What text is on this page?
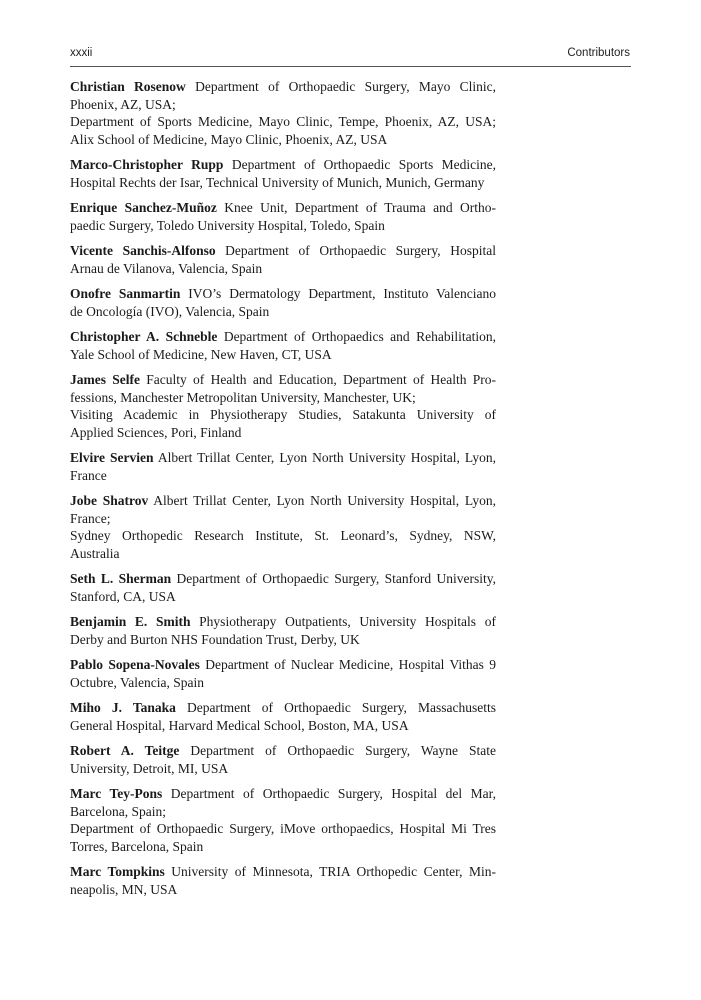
xxxii	Contributors
Christian Rosenow Department of Orthopaedic Surgery, Mayo Clinic,
Phoenix, AZ, USA;
Department of Sports Medicine, Mayo Clinic, Tempe, Phoenix, AZ, USA;
Alix School of Medicine, Mayo Clinic, Phoenix, AZ, USA
Marco-Christopher Rupp Department of Orthopaedic Sports Medicine,
Hospital Rechts der Isar, Technical University of Munich, Munich, Germany
Enrique Sanchez-Muñoz Knee Unit, Department of Trauma and Ortho-
paedic Surgery, Toledo University Hospital, Toledo, Spain
Vicente Sanchis-Alfonso Department of Orthopaedic Surgery, Hospital
Arnau de Vilanova, Valencia, Spain
Onofre Sanmartin IVO’s Dermatology Department, Instituto Valenciano
de Oncología (IVO), Valencia, Spain
Christopher A. Schneble Department of Orthopaedics and Rehabilitation,
Yale School of Medicine, New Haven, CT, USA
James Selfe Faculty of Health and Education, Department of Health Pro-
fessions, Manchester Metropolitan University, Manchester, UK;
Visiting Academic in Physiotherapy Studies, Satakunta University of
Applied Sciences, Pori, Finland
Elvire Servien Albert Trillat Center, Lyon North University Hospital, Lyon,
France
Jobe Shatrov Albert Trillat Center, Lyon North University Hospital, Lyon,
France;
Sydney Orthopedic Research Institute, St. Leonard’s, Sydney, NSW,
Australia
Seth L. Sherman Department of Orthopaedic Surgery, Stanford University,
Stanford, CA, USA
Benjamin E. Smith Physiotherapy Outpatients, University Hospitals of
Derby and Burton NHS Foundation Trust, Derby, UK
Pablo Sopena-Novales Department of Nuclear Medicine, Hospital Vithas 9
Octubre, Valencia, Spain
Miho J. Tanaka Department of Orthopaedic Surgery, Massachusetts
General Hospital, Harvard Medical School, Boston, MA, USA
Robert A. Teitge Department of Orthopaedic Surgery, Wayne State
University, Detroit, MI, USA
Marc Tey-Pons Department of Orthopaedic Surgery, Hospital del Mar,
Barcelona, Spain;
Department of Orthopaedic Surgery, iMove orthopaedics, Hospital Mi Tres
Torres, Barcelona, Spain
Marc Tompkins University of Minnesota, TRIA Orthopedic Center, Min-
neapolis, MN, USA
